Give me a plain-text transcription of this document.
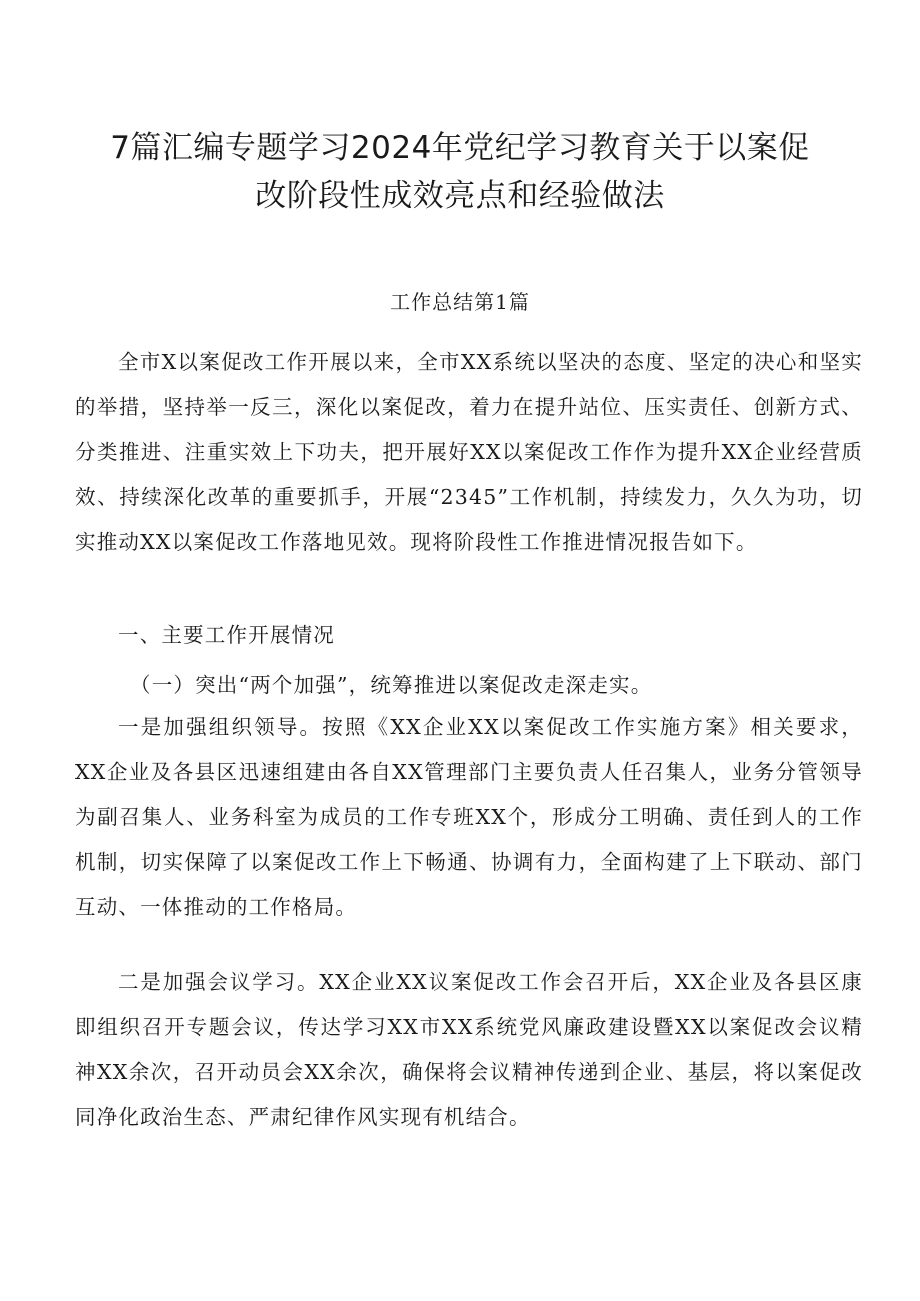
7篇汇编专题学习2024年党纪学习教育关于以案促
改阶段性成效亮点和经验做法
工作总结第1篇

全市X以案促改工作开展以来，全市XX系统以坚决的态度、坚定的决心和坚实的举措，坚持举一反三，深化以案促改，着力在提升站位、压实责任、创新方式、分类推进、注重实效上下功夫，把开展好XX以案促改工作作为提升XX企业经营质效、持续深化改革的重要抓手，开展“2345”工作机制，持续发力，久久为功，切实推动XX以案促改工作落地见效。现将阶段性工作推进情况报告如下。

一、主要工作开展情况

（一）突出“两个加强”，统筹推进以案促改走深走实。

一是加强组织领导。按照《XX企业XX以案促改工作实施方案》相关要求，XX企业及各县区迅速组建由各自XX管理部门主要负责人任召集人，业务分管领导为副召集人、业务科室为成员的工作专班XX个，形成分工明确、责任到人的工作机制，切实保障了以案促改工作上下畅通、协调有力，全面构建了上下联动、部门互动、一体推动的工作格局。

二是加强会议学习。XX企业XX议案促改工作会召开后，XX企业及各县区康即组织召开专题会议，传达学习XX市XX系统党风廉政建设暨XX以案促改会议精神XX余次，召开动员会XX余次，确保将会议精神传递到企业、基层，将以案促改同净化政治生态、严肃纪律作风实现有机结合。
